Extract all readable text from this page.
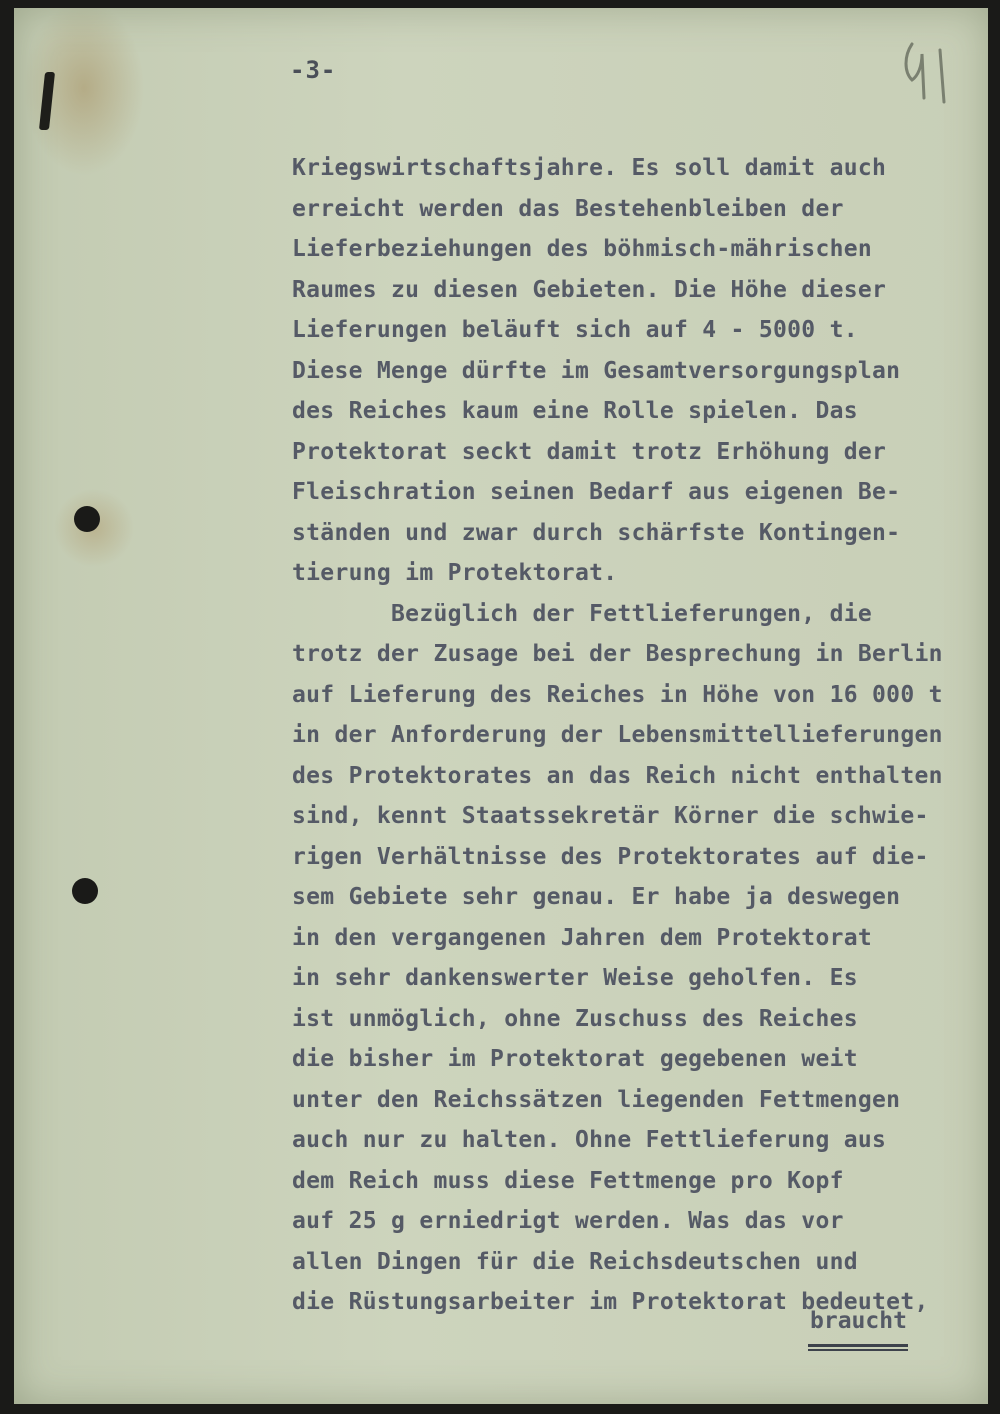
-3-
Kriegswirtschaftsjahre. Es soll damit auch
erreicht werden das Bestehenbleiben der
Lieferbeziehungen des böhmisch-mährischen
Raumes zu diesen Gebieten. Die Höhe dieser
Lieferungen beläuft sich auf 4 - 5000 t.
Diese Menge dürfte im Gesamtversorgungsplan
des Reiches kaum eine Rolle spielen. Das
Protektorat seckt damit trotz Erhöhung der
Fleischration seinen Bedarf aus eigenen Be-
ständen und zwar durch schärfste Kontingen-
tierung im Protektorat.
Bezüglich der Fettlieferungen, die
trotz der Zusage bei der Besprechung in Berlin
auf Lieferung des Reiches in Höhe von 16 000 t
in der Anforderung der Lebensmittellieferungen
des Protektorates an das Reich nicht enthalten
sind, kennt Staatssekretär Körner die schwie-
rigen Verhältnisse des Protektorates auf die-
sem Gebiete sehr genau. Er habe ja deswegen
in den vergangenen Jahren dem Protektorat
in sehr dankenswerter Weise geholfen. Es
ist unmöglich, ohne Zuschuss des Reiches
die bisher im Protektorat gegebenen weit
unter den Reichssätzen liegenden Fettmengen
auch nur zu halten. Ohne Fettlieferung aus
dem Reich muss diese Fettmenge pro Kopf
auf 25 g erniedrigt werden. Was das vor
allen Dingen für die Reichsdeutschen und
die Rüstungsarbeiter im Protektorat bedeutet,
braucht
